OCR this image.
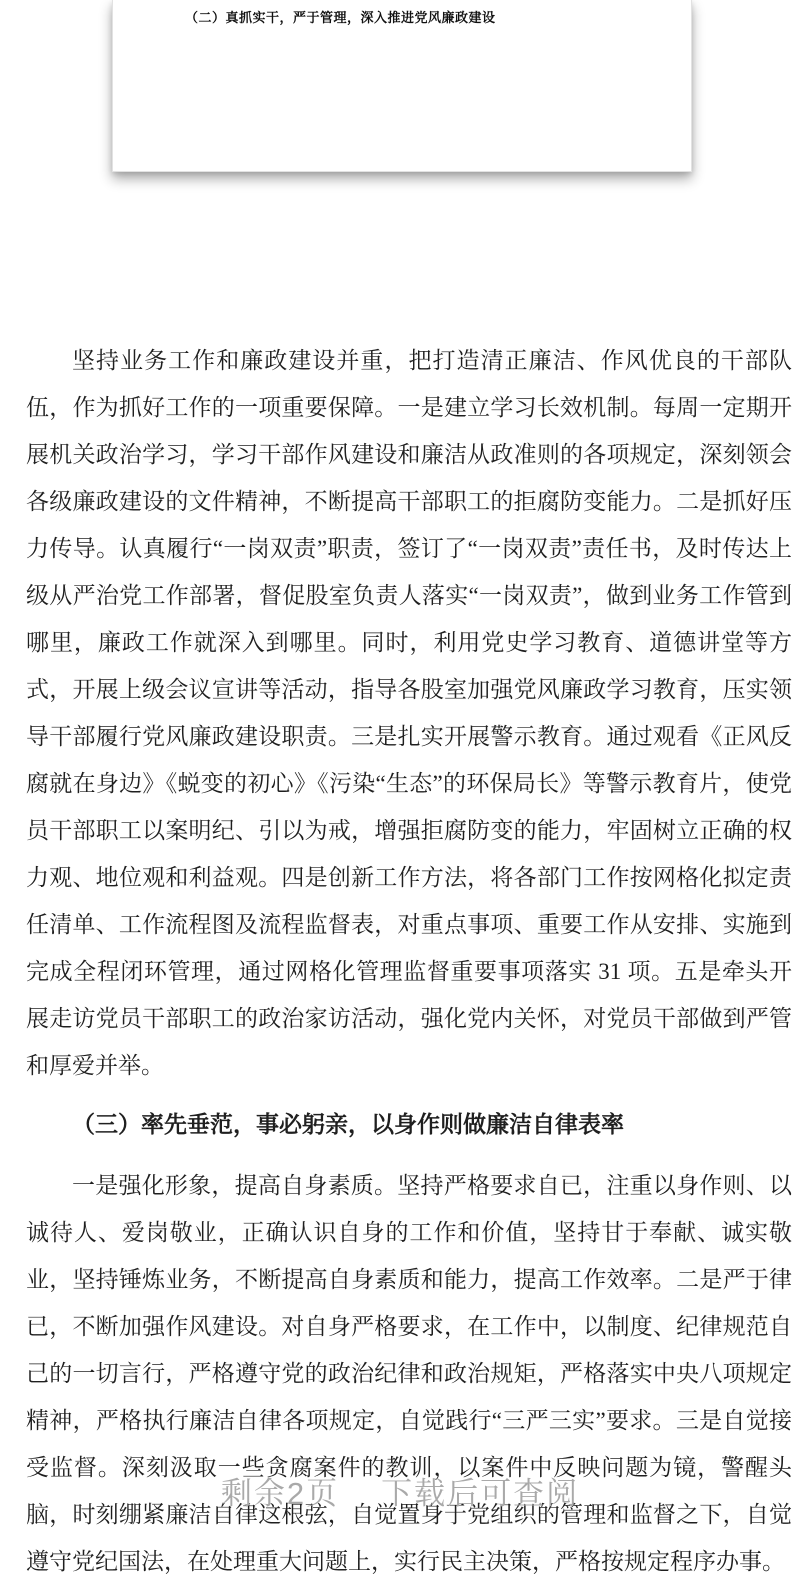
（二）真抓实干，严于管理，深入推进党风廉政建设

坚持业务工作和廉政建设并重，把打造清正廉洁、作风优良的干部队伍，作为抓好工作的一项重要保障。一是建立学习长效机制。每周一定期开展机关政治学习，学习干部作风建设和廉洁从政准则的各项规定，深刻领会各级廉政建设的文件精神，不断提高干部职工的拒腐防变能力。二是抓好压力传导。认真履行“一岗双责”职责，签订了“一岗双责”责任书，及时传达上级从严治党工作部署，督促股室负责人落实“一岗双责”，做到业务工作管到哪里，廉政工作就深入到哪里。同时，利用党史学习教育、道德讲堂等方式，开展上级会议宣讲等活动，指导各股室加强党风廉政学习教育，压实领导干部履行党风廉政建设职责。三是扎实开展警示教育。通过观看《正风反腐就在身边》《蜕变的初心》《污染“生态”的环保局长》等警示教育片，使党员干部职工以案明纪、引以为戒，增强拒腐防变的能力，牢固树立正确的权力观、地位观和利益观。四是创新工作方法，将各部门工作按网格化拟定责任清单、工作流程图及流程监督表，对重点事项、重要工作从安排、实施到完成全程闭环管理，通过网格化管理监督重要事项落实 31 项。五是牵头开展走访党员干部职工的政治家访活动，强化党内关怀，对党员干部做到严管和厚爱并举。

（三）率先垂范，事必躬亲，以身作则做廉洁自律表率

一是强化形象，提高自身素质。坚持严格要求自已，注重以身作则、以诚待人、爱岗敬业，正确认识自身的工作和价值，坚持甘于奉献、诚实敬业，坚持锤炼业务，不断提高自身素质和能力，提高工作效率。二是严于律已，不断加强作风建设。对自身严格要求，在工作中，以制度、纪律规范自己的一切言行，严格遵守党的政治纪律和政治规矩，严格落实中央八项规定精神，严格执行廉洁自律各项规定，自觉践行“三严三实”要求。三是自觉接受监督。深刻汲取一些贪腐案件的教训，以案件中反映问题为镜，警醒头脑，时刻绷紧廉洁自律这根弦，自觉置身于党组织的管理和监督之下，自觉遵守党纪国法，在处理重大问题上，实行民主决策，严格按规定程序办事。

剩余2页 下载后可查阅
